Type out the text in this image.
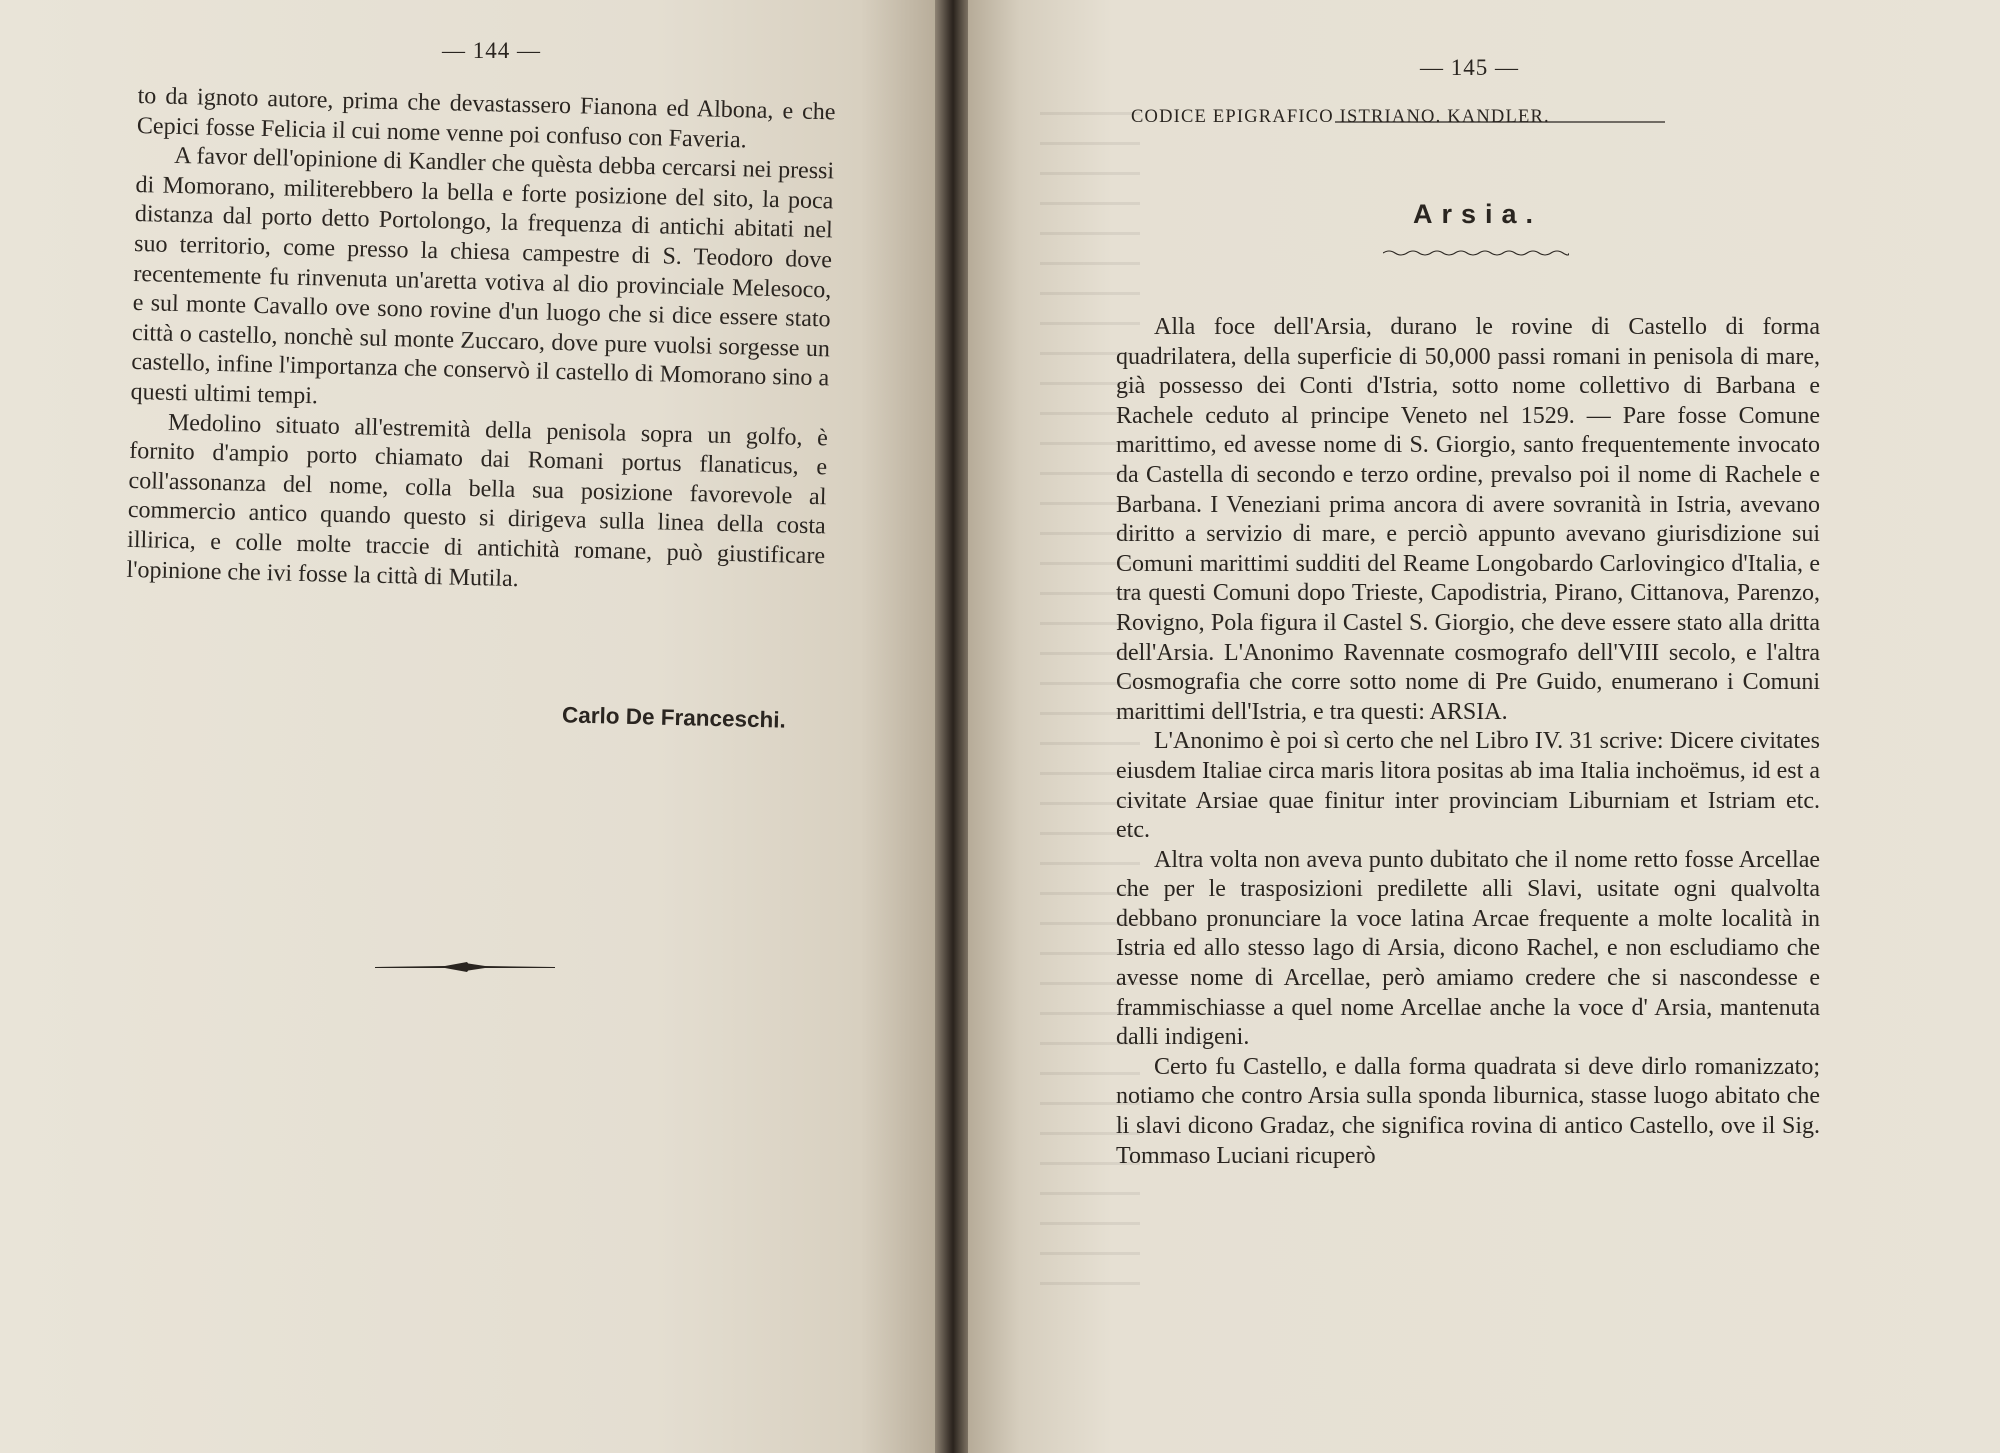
— 144 —

to da ignoto autore, prima che devastassero Fianona ed Albona, e che Cepici fosse Felicia il cui nome venne poi confuso con Faveria.

A favor dell'opinione di Kandler che quèsta debba cercarsi nei pressi di Momorano, militerebbero la bella e forte posizione del sito, la poca distanza dal porto detto Portolongo, la frequenza di antichi abitati nel suo territorio, come presso la chiesa campestre di S. Teodoro dove recentemente fu rinvenuta un'aretta votiva al dio provinciale Melesoco, e sul monte Cavallo ove sono rovine d'un luogo che si dice essere stato città o castello, nonchè sul monte Zuccaro, dove pure vuolsi sorgesse un castello, infine l'importanza che conservò il castello di Momorano sino a questi ultimi tempi.

Medolino situato all'estremità della penisola sopra un golfo, è fornito d'ampio porto chiamato dai Romani portus flanaticus, e coll'assonanza del nome, colla bella sua posizione favorevole al commercio antico quando questo si dirigeva sulla linea della costa illirica, e colle molte traccie di antichità romane, può giustificare l'opinione che ivi fosse la città di Mutila.

Carlo De Franceschi.
— 145 —
CODICE EPIGRAFICO ISTRIANO. KANDLER.
Arsia.

Alla foce dell'Arsia, durano le rovine di Castello di forma quadrilatera, della superficie di 50,000 passi romani in penisola di mare, già possesso dei Conti d'Istria, sotto nome collettivo di Barbana e Rachele ceduto al principe Veneto nel 1529. — Pare fosse Comune marittimo, ed avesse nome di S. Giorgio, santo frequentemente invocato da Castella di secondo e terzo ordine, prevalso poi il nome di Rachele e Barbana. I Veneziani prima ancora di avere sovranità in Istria, avevano diritto a servizio di mare, e perciò appunto avevano giurisdizione sui Comuni marittimi sudditi del Reame Longobardo Carlovingico d'Italia, e tra questi Comuni dopo Trieste, Capodistria, Pirano, Cittanova, Parenzo, Rovigno, Pola figura il Castel S. Giorgio, che deve essere stato alla dritta dell'Arsia. L'Anonimo Ravennate cosmografo dell'VIII secolo, e l'altra Cosmografia che corre sotto nome di Pre Guido, enumerano i Comuni marittimi dell'Istria, e tra questi: ARSIA.

L'Anonimo è poi sì certo che nel Libro IV. 31 scrive: Dicere civitates eiusdem Italiae circa maris litora positas ab ima Italia inchoëmus, id est a civitate Arsiae quae finitur inter provinciam Liburniam et Istriam etc. etc.

Altra volta non aveva punto dubitato che il nome retto fosse Arcellae che per le trasposizioni predilette alli Slavi, usitate ogni qualvolta debbano pronunciare la voce latina Arcae frequente a molte località in Istria ed allo stesso lago di Arsia, dicono Rachel, e non escludiamo che avesse nome di Arcellae, però amiamo credere che si nascondesse e frammischiasse a quel nome Arcellae anche la voce d' Arsia, mantenuta dalli indigeni.

Certo fu Castello, e dalla forma quadrata si deve dirlo romanizzato; notiamo che contro Arsia sulla sponda liburnica, stasse luogo abitato che li slavi dicono Gradaz, che significa rovina di antico Castello, ove il Sig. Tommaso Luciani ricuperò
